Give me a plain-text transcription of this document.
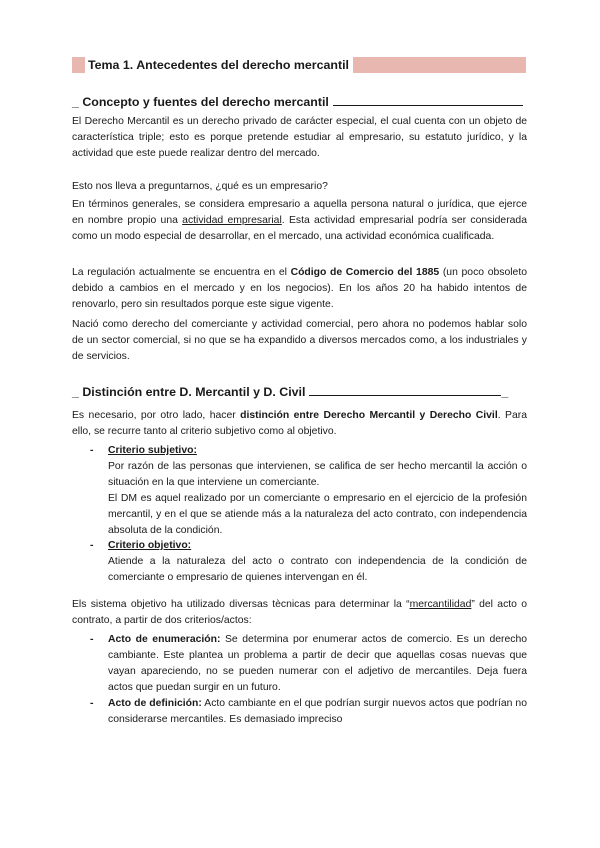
Tema 1. Antecedentes del derecho mercantil
_ Concepto y fuentes del derecho mercantil
El Derecho Mercantil es un derecho privado de carácter especial, el cual cuenta con un objeto de característica triple; esto es porque pretende estudiar al empresario, su estatuto jurídico, y la actividad que este puede realizar dentro del mercado.
Esto nos lleva a preguntarnos, ¿qué es un empresario?
En términos generales, se considera empresario a aquella persona natural o jurídica, que ejerce en nombre propio una actividad empresarial. Esta actividad empresarial podría ser considerada como un modo especial de desarrollar, en el mercado, una actividad económica cualificada.
La regulación actualmente se encuentra en el Código de Comercio del 1885 (un poco obsoleto debido a cambios en el mercado y en los negocios). En los años 20 ha habido intentos de renovarlo, pero sin resultados porque este sigue vigente.
Nació como derecho del comerciante y actividad comercial, pero ahora no podemos hablar solo de un sector comercial, si no que se ha expandido a diversos mercados como, a los industriales y de servicios.
_ Distinción entre D. Mercantil y D. Civil	_
Es necesario, por otro lado, hacer distinción entre Derecho Mercantil y Derecho Civil. Para ello, se recurre tanto al criterio subjetivo como al objetivo.
- Criterio subjetivo:
Por razón de las personas que intervienen, se califica de ser hecho mercantil la acción o situación en la que interviene un comerciante.
El DM es aquel realizado por un comerciante o empresario en el ejercicio de la profesión mercantil, y en el que se atiende más a la naturaleza del acto contrato, con independencia absoluta de la condición.
- Criterio objetivo:
Atiende a la naturaleza del acto o contrato con independencia de la condición de comerciante o empresario de quienes intervengan en él.
Els sistema objetivo ha utilizado diversas tècnicas para determinar la “mercantilidad” del acto o contrato, a partir de dos criterios/actos:
- Acto de enumeración: Se determina por enumerar actos de comercio. Es un derecho cambiante. Este plantea un problema a partir de decir que aquellas cosas nuevas que vayan apareciendo, no se pueden numerar con el adjetivo de mercantiles. Deja fuera actos que puedan surgir en un futuro.
- Acto de definición: Acto cambiante en el que podrían surgir nuevos actos que podrían no considerarse mercantiles. Es demasiado impreciso
